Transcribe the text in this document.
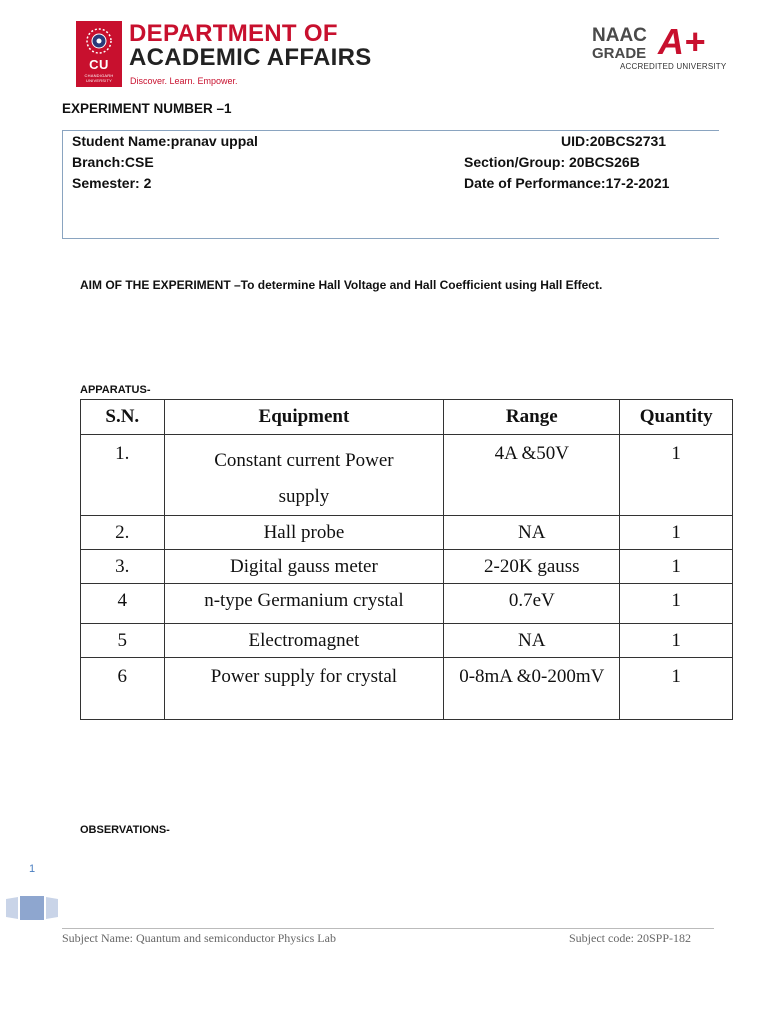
CU
CHANDIGARH UNIVERSITY
DEPARTMENT OF
ACADEMIC AFFAIRS
Discover. Learn. Empower.
NAAC
GRADE A+
ACCREDITED UNIVERSITY
EXPERIMENT NUMBER –1
Student Name:pranav uppal	UID:20BCS2731
Branch:CSE	Section/Group: 20BCS26B
Semester: 2	Date of Performance:17-2-2021
AIM OF THE EXPERIMENT –To determine Hall Voltage and Hall Coefficient using Hall Effect.
APPARATUS-
S.N.	Equipment	Range	Quantity
1.	Constant current Power supply	4A &50V	1
2.	Hall probe	NA	1
3.	Digital gauss meter	2-20K gauss	1
4	n-type Germanium crystal	0.7eV	1
5	Electromagnet	NA	1
6	Power supply for crystal	0-8mA &0-200mV	1
OBSERVATIONS-
1
Subject Name: Quantum and semiconductor Physics Lab	Subject code: 20SPP-182
